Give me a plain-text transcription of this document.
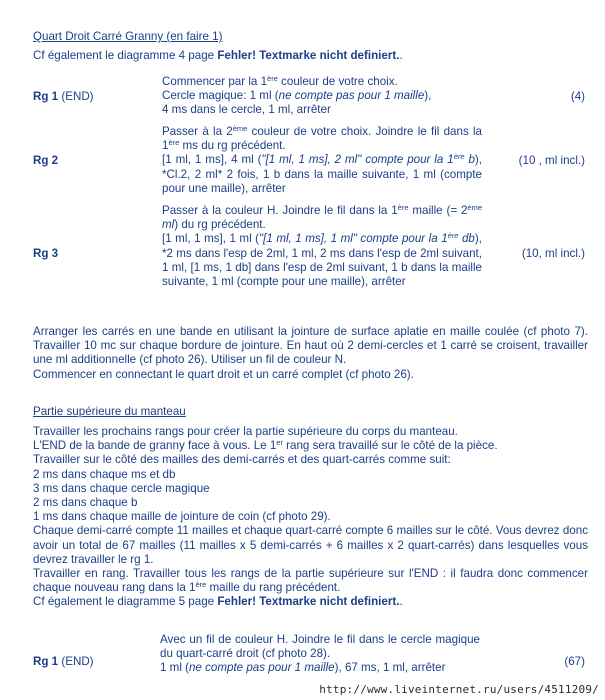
Quart Droit Carré Granny (en faire 1)
Cf également le diagramme 4 page Fehler! Textmarke nicht definiert..
Rg 1 (END)

Commencer par la 1ère couleur de votre choix.

Cercle magique: 1 ml (ne compte pas pour 1 maille),

4 ms dans le cercle, 1 ml, arrêter

(4)
Rg 2

Passer à la 2ème couleur de votre choix. Joindre le fil dans la 1ère ms du rg précédent.

[1 ml, 1 ms], 4 ml ("[1 ml, 1 ms], 2 ml" compte pour la 1ère b), *Cl.2, 2 ml* 2 fois, 1 b dans la maille suivante, 1 ml (compte pour une maille), arrêter

(10 , ml incl.)
Rg 3

Passer à la couleur H. Joindre le fil dans la 1ère maille (= 2ème ml) du rg précédent.

[1 ml, 1 ms], 1 ml ("[1 ml, 1 ms], 1 ml" compte pour la 1ère db), *2 ms dans l'esp de 2ml, 1 ml, 2 ms dans l'esp de 2ml suivant, 1 ml, [1 ms, 1 db] dans l'esp de 2ml suivant, 1 b dans la maille suivante, 1 ml (compte pour une maille), arrêter

(10, ml incl.)

Arranger les carrés en une bande en utilisant la jointure de surface aplatie en maille coulée (cf photo 7). Travailler 10 mc sur chaque bordure de jointure. En haut où 2 demi-cercles et 1 carré se croisent, travailler une ml additionnelle (cf photo 26). Utiliser un fil de couleur N.

Commencer en connectant le quart droit et un carré complet (cf photo 26).

Partie supérieure du manteau

Travailler les prochains rangs pour créer la partie supérieure du corps du manteau.

L'END de la bande de granny face à vous. Le 1er rang sera travaillé sur le côté de la pièce.

Travailler sur le côté des mailles des demi-carrés et des quart-carrés comme suit:

2 ms dans chaque ms et db

3 ms dans chaque cercle magique

2 ms dans chaque b

1 ms dans chaque maille de jointure de coin (cf photo 29).

Chaque demi-carré compte 11 mailles et chaque quart-carré compte 6 mailles sur le côté. Vous devrez donc avoir un total de 67 mailles (11 mailles x 5 demi-carrés + 6 mailles x 2 quart-carrés) dans lesquelles vous devrez travailler le rg 1.

Travailler en rang. Travailler tous les rangs de la partie supérieure sur l'END : il faudra donc commencer chaque nouveau rang dans la 1ère maille du rang précédent.

Cf également le diagramme 5 page Fehler! Textmarke nicht definiert..

Rg 1 (END)

Avec un fil de couleur H. Joindre le fil dans le cercle magique du quart-carré droit (cf photo 28).

1 ml (ne compte pas pour 1 maille), 67 ms, 1 ml, arrêter	(67)
http://www.liveinternet.ru/users/4511209/
